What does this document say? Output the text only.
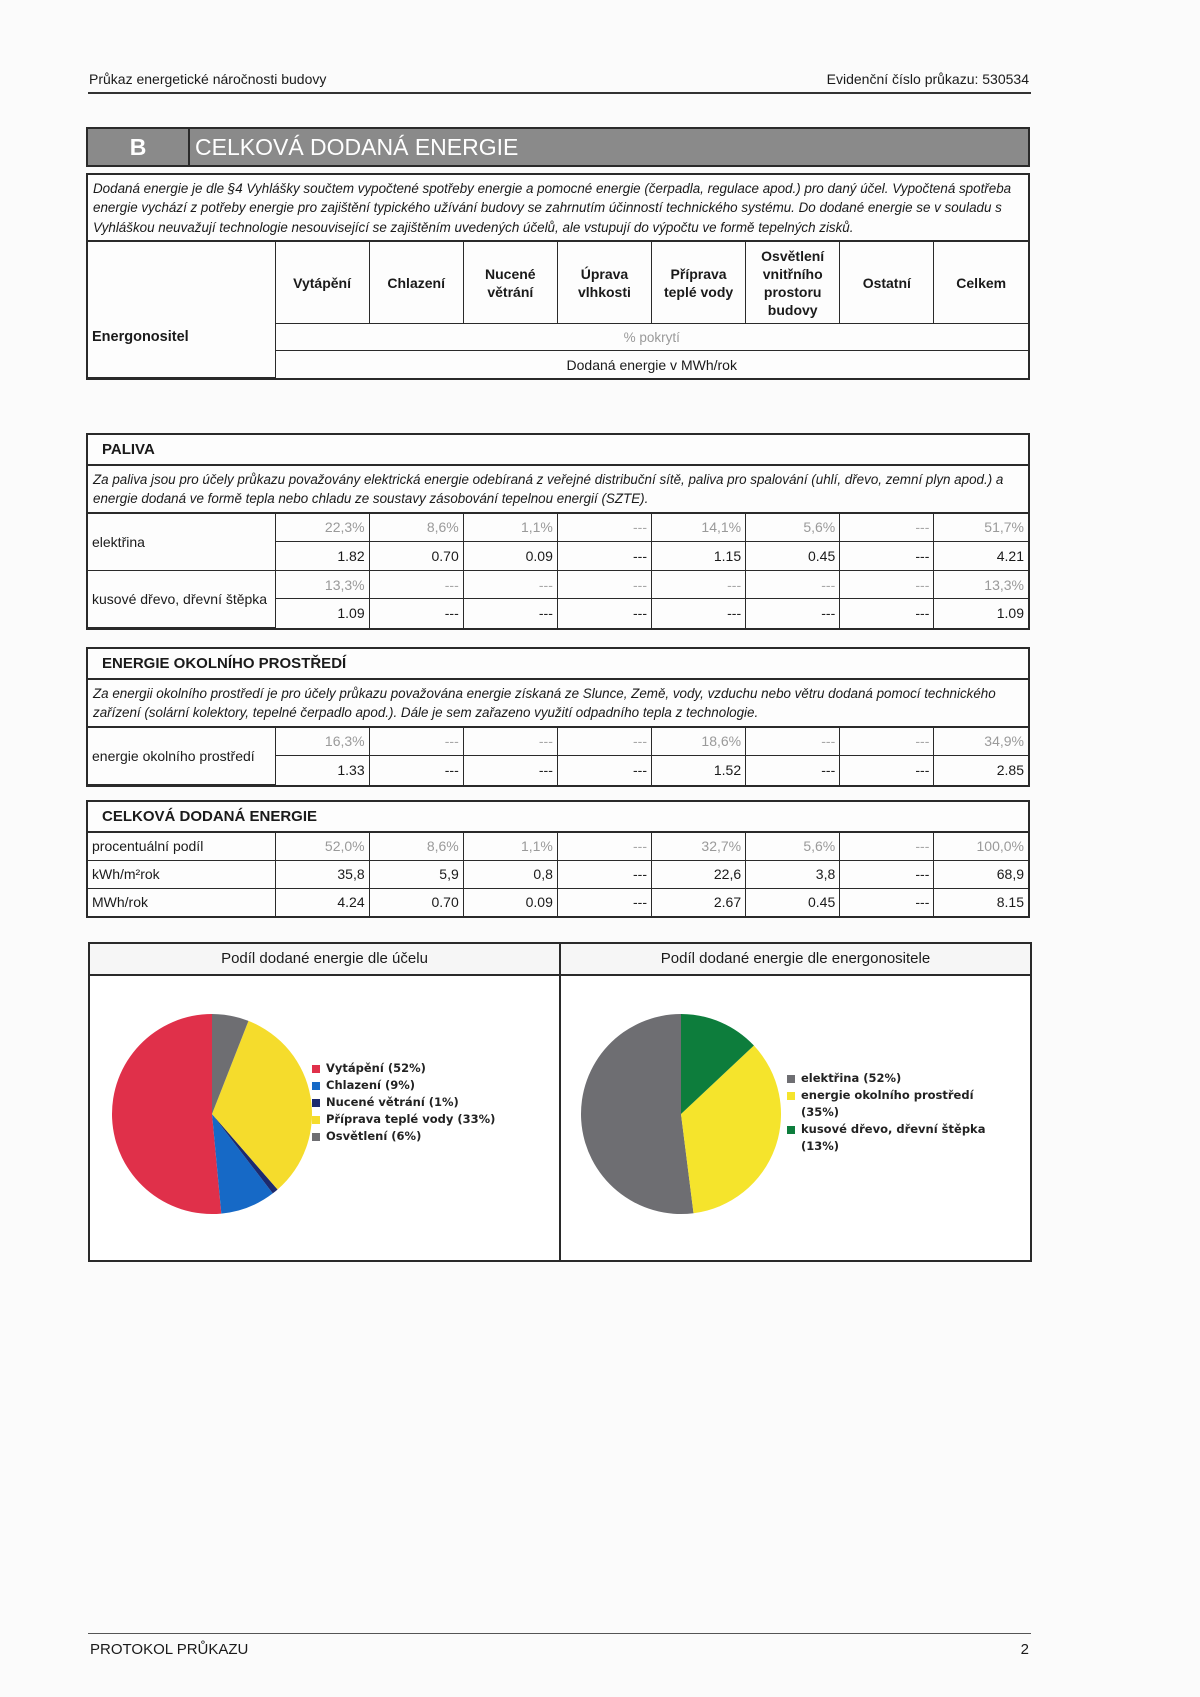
Průkaz energetické náročnosti budovy	Evidenční číslo průkazu: 530534
B	CELKOVÁ DODANÁ ENERGIE
Dodaná energie je dle §4 Vyhlášky součtem vypočtené spotřeby energie a pomocné energie (čerpadla, regulace apod.) pro daný účel. Vypočtená spotřeba energie vychází z potřeby energie pro zajištění typického užívání budovy se zahrnutím účinností technického systému. Do dodané energie se v souladu s Vyhláškou neuvažují technologie nesouvisející se zajištěním uvedených účelů, ale vstupují do výpočtu ve formě tepelných zisků.
Energonositel	Vytápění	Chlazení	Nucené větrání	Úprava vlhkosti	Příprava teplé vody	Osvětlení vnitřního prostoru budovy	Ostatní	Celkem
% pokrytí
Dodaná energie v MWh/rok
PALIVA
Za paliva jsou pro účely průkazu považovány elektrická energie odebíraná z veřejné distribuční sítě, paliva pro spalování (uhlí, dřevo, zemní plyn apod.) a energie dodaná ve formě tepla nebo chladu ze soustavy zásobování tepelnou energií (SZTE).
elektřina	22,3%	8,6%	1,1%	---	14,1%	5,6%	---	51,7%
	1.82	0.70	0.09	---	1.15	0.45	---	4.21
kusové dřevo, dřevní štěpka	13,3%	---	---	---	---	---	---	13,3%
	1.09	---	---	---	---	---	---	1.09
ENERGIE OKOLNÍHO PROSTŘEDÍ
Za energii okolního prostředí je pro účely průkazu považována energie získaná ze Slunce, Země, vody, vzduchu nebo větru dodaná pomocí technického zařízení (solární kolektory, tepelné čerpadlo apod.). Dále je sem zařazeno využití odpadního tepla z technologie.
energie okolního prostředí	16,3%	---	---	---	18,6%	---	---	34,9%
	1.33	---	---	---	1.52	---	---	2.85
CELKOVÁ DODANÁ ENERGIE
procentuální podíl	52,0%	8,6%	1,1%	---	32,7%	5,6%	---	100,0%
kWh/m²rok	35,8	5,9	0,8	---	22,6	3,8	---	68,9
MWh/rok	4.24	0.70	0.09	---	2.67	0.45	---	8.15
Podíl dodané energie dle účelu
Vytápění (52%)
Chlazení (9%)
Nucené větrání (1%)
Příprava teplé vody (33%)
Osvětlení (6%)
Podíl dodané energie dle energonositele
elektřina (52%)
energie okolního prostředí (35%)
kusové dřevo, dřevní štěpka (13%)
PROTOKOL PRŮKAZU	2
